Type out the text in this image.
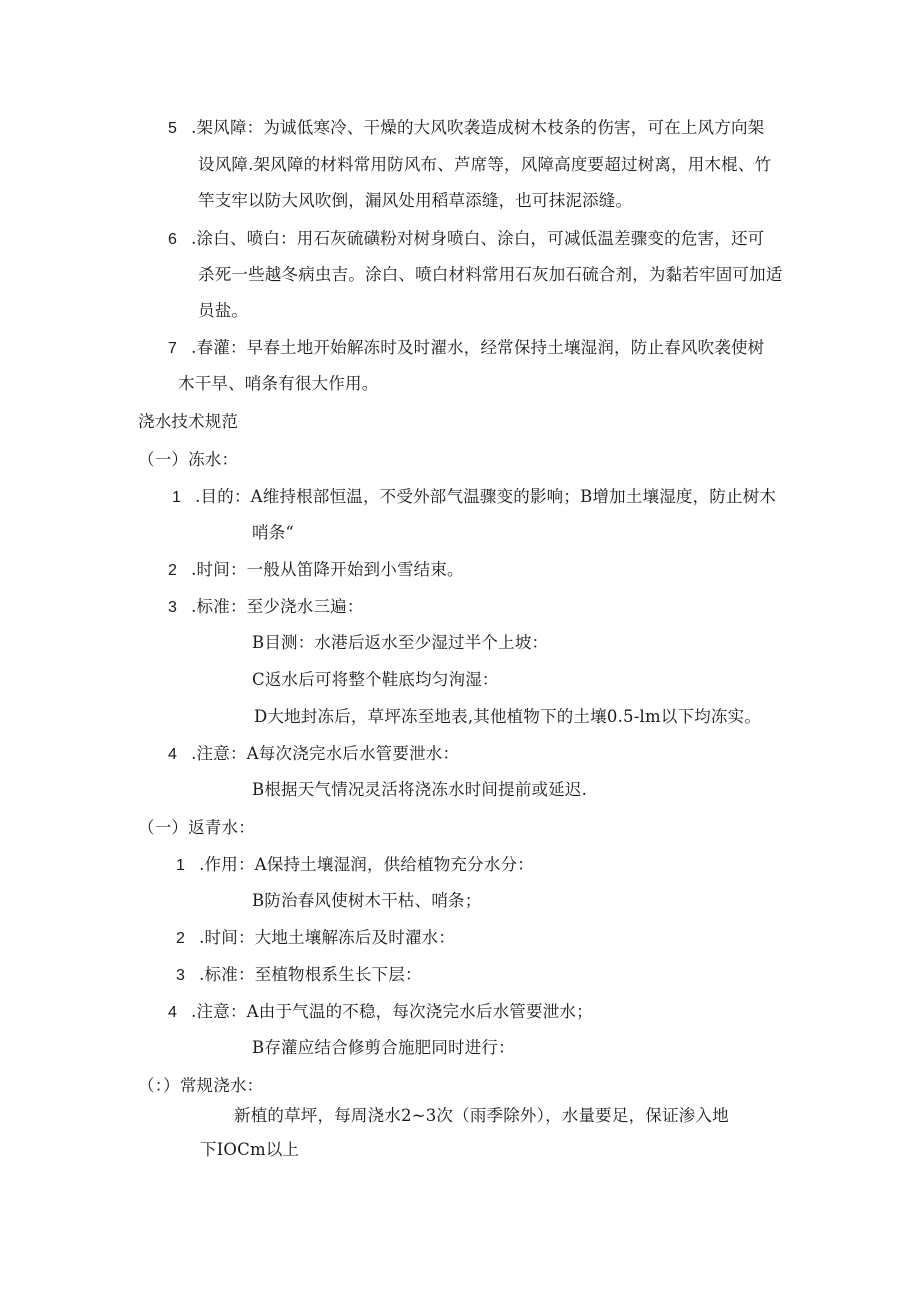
5 .架风障：为诚低寒冷、干燥的大风吹袭造成树木枝条的伤害，可在上风方向架
设风障.架风障的材料常用防风布、芦席等，风障高度要超过树离，用木棍、竹
竿支牢以防大风吹倒，漏风处用稻草添缝，也可抹泥添缝。
6 .涂白、喷白：用石灰硫磺粉对树身喷白、涂白，可减低温差骤变的危害，还可
杀死一些越冬病虫吉。涂白、喷白材料常用石灰加石硫合剂，为黏若牢固可加适
员盐。
7 .春灌：早春土地开始解冻时及时濯水，经常保持土壤湿润，防止春风吹袭使树
木干早、哨条有很大作用。
浇水技术规范
（一）冻水：
1 .目的：A维持根部恒温，不受外部气温骤变的影响；B增加土壤湿度，防止树木
哨条“
2 .时间：一般从笛降开始到小雪结束。
3 .标准：至少浇水三遍：
B目测：水港后返水至少湿过半个上坡：
C返水后可将整个鞋底均匀洵湿：
D大地封冻后，草坪冻至地表,其他植物下的土壤0.5-lm以下均冻实。
4 .注意：A每次浇完水后水管要泄水：
B根据天气情况灵活将浇冻水时间提前或延迟.
（一）返青水：
1 .作用：A保持土壤湿润，供给植物充分水分：
B防治春风使树木干枯、哨条；
2 .时间：大地土壤解冻后及时濯水：
3 .标准：至植物根系生长下层：
4 .注意：A由于气温的不稳，每次浇完水后水管要泄水；
B存灌应结合修剪合施肥同时进行：
（：）常规浇水：
新植的草坪，每周浇水2~3次（雨季除外），水量要足，保证渗入地
下IOCm以上
